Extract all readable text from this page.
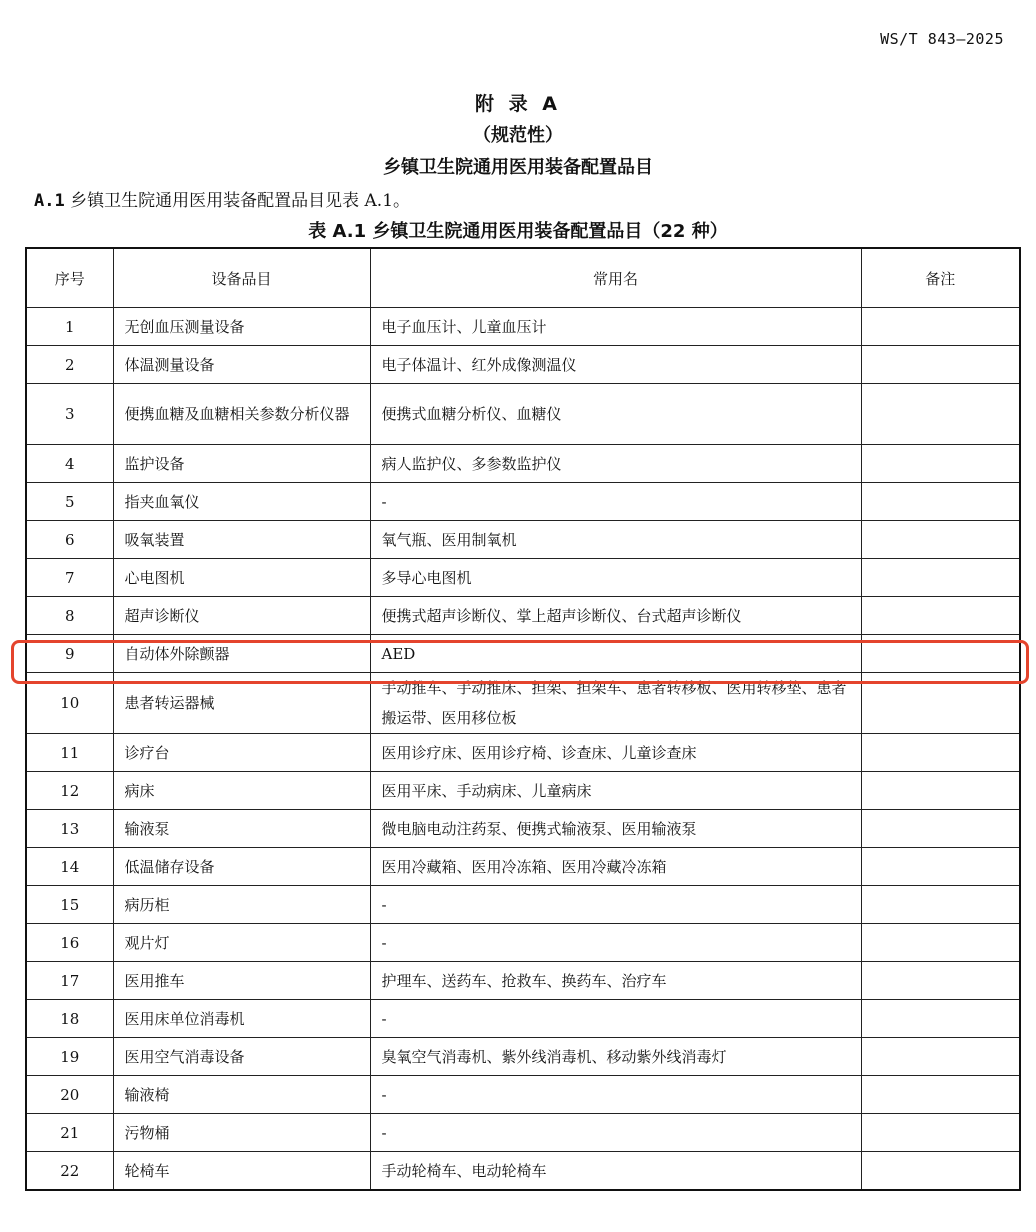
WS/T 843—2025
附 录 A
（规范性）
乡镇卫生院通用医用装备配置品目
A.1 乡镇卫生院通用医用装备配置品目见表 A.1。
表 A.1 乡镇卫生院通用医用装备配置品目（22 种）
序号	设备品目	常用名	备注
1	无创血压测量设备	电子血压计、儿童血压计	
2	体温测量设备	电子体温计、红外成像测温仪	
3	便携血糖及血糖相关参数分析仪器	便携式血糖分析仪、血糖仪	
4	监护设备	病人监护仪、多参数监护仪	
5	指夹血氧仪	-	
6	吸氧装置	氧气瓶、医用制氧机	
7	心电图机	多导心电图机	
8	超声诊断仪	便携式超声诊断仪、掌上超声诊断仪、台式超声诊断仪	
9	自动体外除颤器	AED	
10	患者转运器械	手动推车、手动推床、担架、担架车、患者转移板、医用转移垫、患者搬运带、医用移位板	
11	诊疗台	医用诊疗床、医用诊疗椅、诊查床、儿童诊查床	
12	病床	医用平床、手动病床、儿童病床	
13	输液泵	微电脑电动注药泵、便携式输液泵、医用输液泵	
14	低温储存设备	医用冷藏箱、医用冷冻箱、医用冷藏冷冻箱	
15	病历柜	-	
16	观片灯	-	
17	医用推车	护理车、送药车、抢救车、换药车、治疗车	
18	医用床单位消毒机	-	
19	医用空气消毒设备	臭氧空气消毒机、紫外线消毒机、移动紫外线消毒灯	
20	输液椅	-	
21	污物桶	-	
22	轮椅车	手动轮椅车、电动轮椅车	
